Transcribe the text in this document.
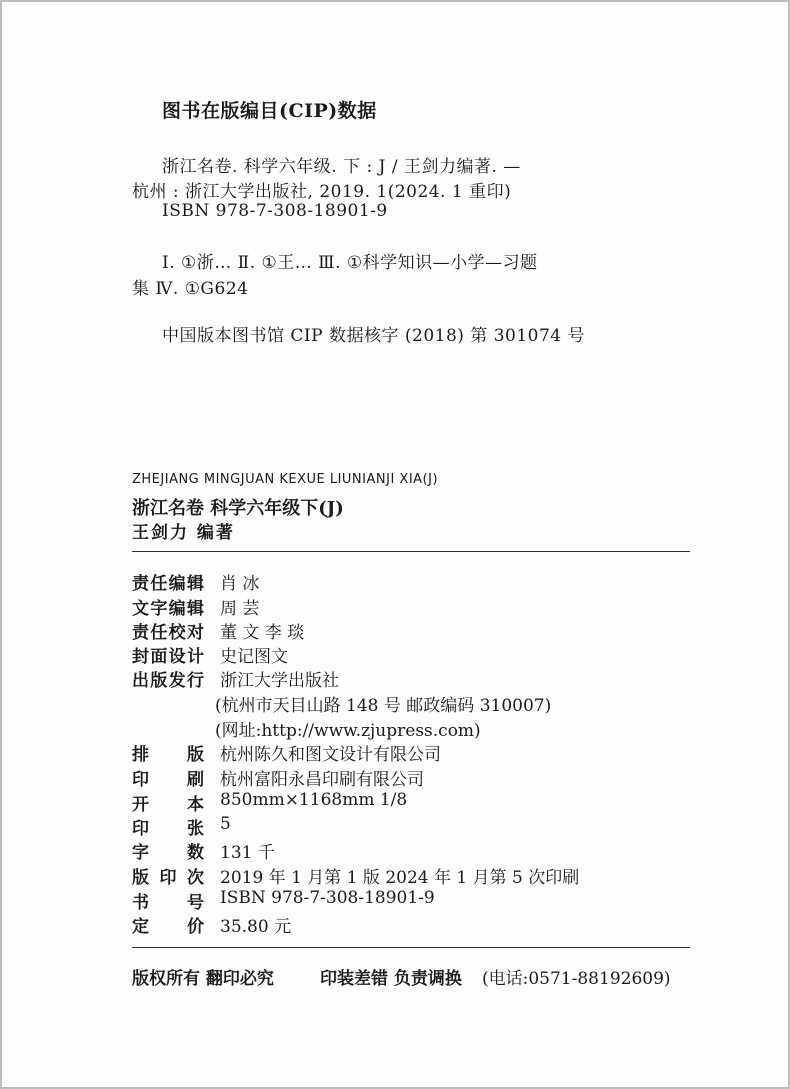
图书在版编目(CIP)数据
浙江名卷. 科学六年级. 下 : J / 王剑力编著. —
杭州 : 浙江大学出版社, 2019. 1(2024. 1 重印)
ISBN 978-7-308-18901-9
Ⅰ. ①浙… Ⅱ. ①王… Ⅲ. ①科学知识—小学—习题
集 Ⅳ. ①G624
中国版本图书馆 CIP 数据核字 (2018) 第 301074 号
ZHEJIANG MINGJUAN KEXUE LIUNIANJI XIA(J)
浙江名卷 科学六年级下(J)
王剑力 编著
责任编辑 肖 冰
文字编辑 周 芸
责任校对 董 文 李 琰
封面设计 史记图文
出版发行 浙江大学出版社
(杭州市天目山路 148 号 邮政编码 310007)
(网址:http://www.zjupress.com)
排版 杭州陈久和图文设计有限公司
印刷 杭州富阳永昌印刷有限公司
开本 850mm×1168mm 1/8
印张 5
字数 131 千
版印次 2019 年 1 月第 1 版 2024 年 1 月第 5 次印刷
书号 ISBN 978-7-308-18901-9
定价 35.80 元
版权所有 翻印必究	印装差错 负责调换 (电话:0571-88192609)
